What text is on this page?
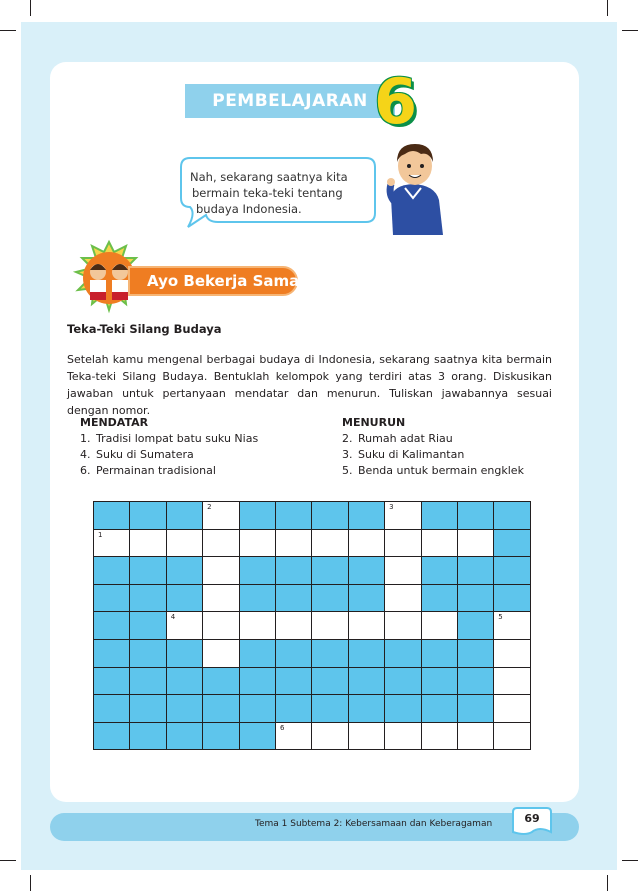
PEMBELAJARAN 6
Nah, sekarang saatnya kita
bermain teka-teki tentang
budaya Indonesia.
Ayo Bekerja Sama
Teka-Teki Silang Budaya
Setelah kamu mengenal berbagai budaya di Indonesia, sekarang saatnya kita bermain Teka-teki Silang Budaya. Bentuklah kelompok yang terdiri atas 3 orang. Diskusikan jawaban untuk pertanyaan mendatar dan menurun. Tuliskan jawabannya sesuai dengan nomor.
MENDATAR
1. Tradisi lompat batu suku Nias
4. Suku di Sumatera
6. Permainan tradisional
MENURUN
2. Rumah adat Riau
3. Suku di Kalimantan
5. Benda untuk bermain engklek
2	3
1
4	5
6
Tema 1 Subtema 2: Kebersamaan dan Keberagaman	69
